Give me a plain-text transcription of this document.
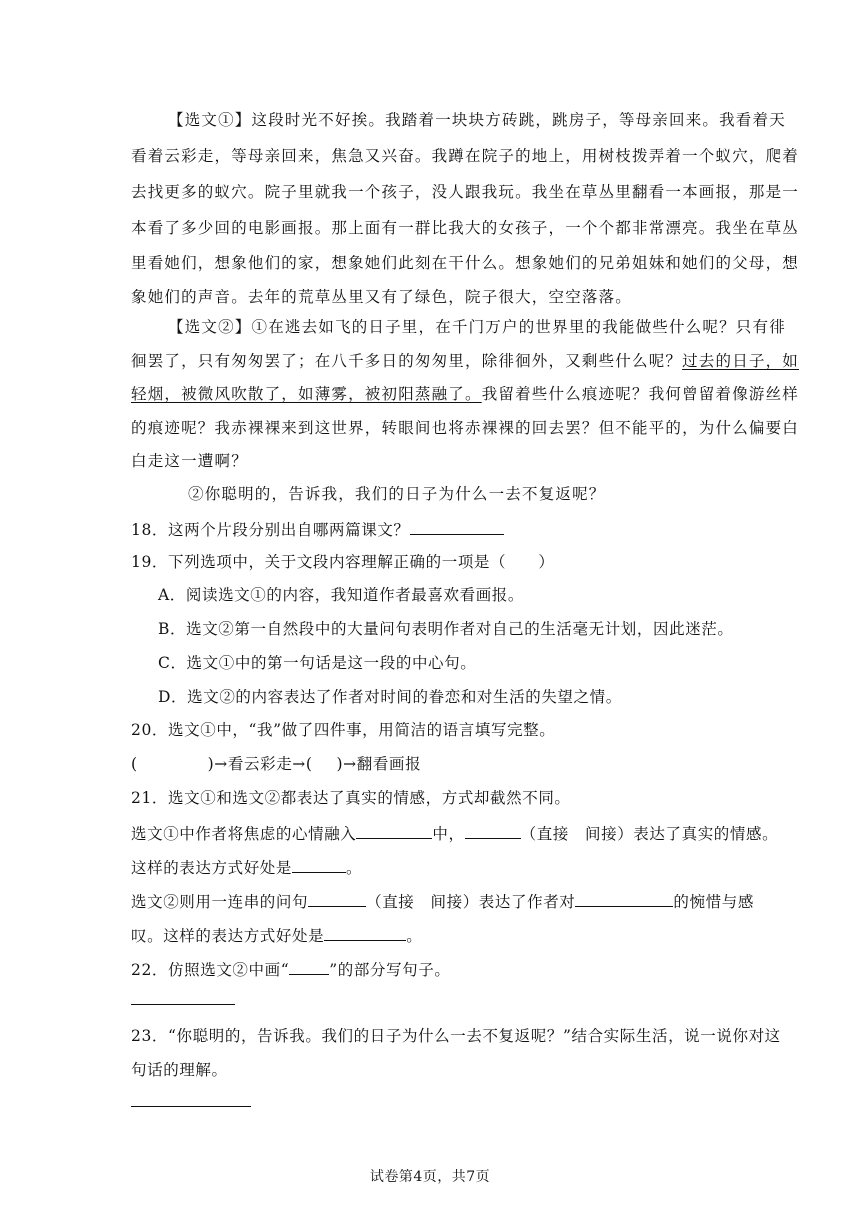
【选文①】这段时光不好挨。我踏着一块块方砖跳，跳房子，等母亲回来。我看着天
看着云彩走，等母亲回来，焦急又兴奋。我蹲在院子的地上，用树枝拨弄着一个蚁穴，爬着
去找更多的蚁穴。院子里就我一个孩子，没人跟我玩。我坐在草丛里翻看一本画报，那是一
本看了多少回的电影画报。那上面有一群比我大的女孩子，一个个都非常漂亮。我坐在草丛
里看她们，想象他们的家，想象她们此刻在干什么。想象她们的兄弟姐妹和她们的父母，想
象她们的声音。去年的荒草丛里又有了绿色，院子很大，空空落落。
【选文②】①在逃去如飞的日子里，在千门万户的世界里的我能做些什么呢？只有徘
徊罢了，只有匆匆罢了；在八千多日的匆匆里，除徘徊外，又剩些什么呢？过去的日子，如
轻烟，被微风吹散了，如薄雾，被初阳蒸融了。我留着些什么痕迹呢？我何曾留着像游丝样
的痕迹呢？我赤裸裸来到这世界，转眼间也将赤裸裸的回去罢？但不能平的，为什么偏要白
白走这一遭啊？
②你聪明的，告诉我，我们的日子为什么一去不复返呢？
18．这两个片段分别出自哪两篇课文？
19．下列选项中，关于文段内容理解正确的一项是（　　）
A．阅读选文①的内容，我知道作者最喜欢看画报。
B．选文②第一自然段中的大量问句表明作者对自己的生活毫无计划，因此迷茫。
C．选文①中的第一句话是这一段的中心句。
D．选文②的内容表达了作者对时间的眷恋和对生活的失望之情。
20．选文①中，“我”做了四件事，用简洁的语言填写完整。
(	)→看云彩走→( )→翻看画报
21．选文①和选文②都表达了真实的情感，方式却截然不同。
选文①中作者将焦虑的心情融入	中，	（直接　间接）表达了真实的情感。
这样的表达方式好处是	。
选文②则用一连串的问句	（直接　间接）表达了作者对	的惋惜与感
叹。这样的表达方式好处是	。
22．仿照选文②中画“	”的部分写句子。
23．“你聪明的，告诉我。我们的日子为什么一去不复返呢？”结合实际生活，说一说你对这
句话的理解。
试卷第4页，共7页
